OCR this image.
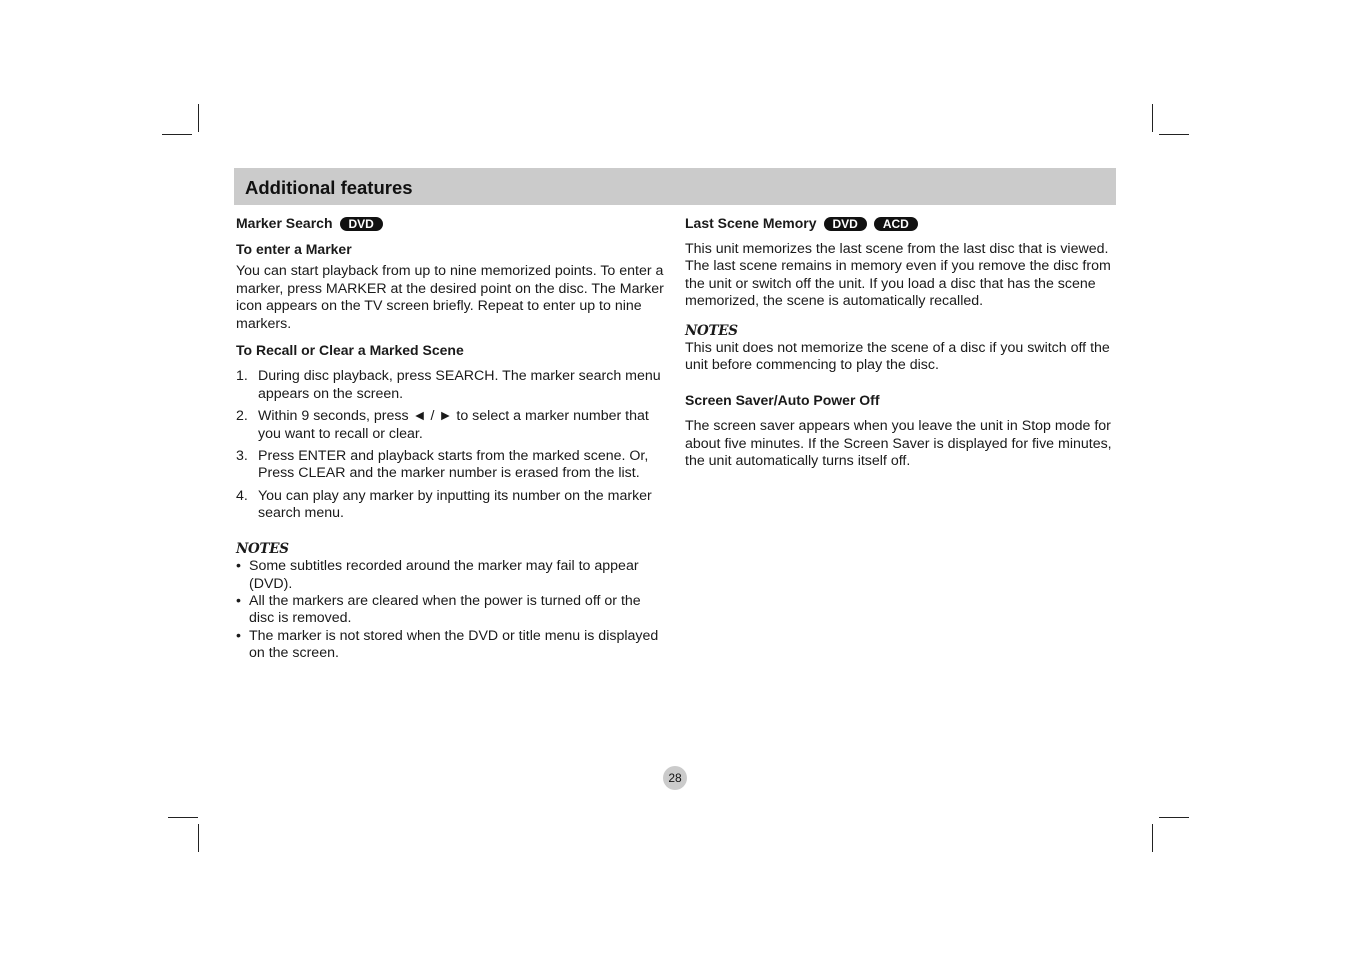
Additional features
Marker Search	DVD
To enter a Marker

You can start playback from up to nine memorized points. To enter a marker, press MARKER at the desired point on the disc. The Marker icon appears on the TV screen briefly. Repeat to enter up to nine markers.

To Recall or Clear a Marked Scene
1. During disc playback, press SEARCH. The marker search menu appears on the screen.
2. Within 9 seconds, press ◄ / ► to select a marker number that you want to recall or clear.
3. Press ENTER and playback starts from the marked scene. Or, Press CLEAR and the marker number is erased from the list.
4. You can play any marker by inputting its number on the marker search menu.
NOTES
• Some subtitles recorded around the marker may fail to appear (DVD).
• All the markers are cleared when the power is turned off or the disc is removed.
• The marker is not stored when the DVD or title menu is displayed on the screen.
Last Scene Memory	DVD	ACD

This unit memorizes the last scene from the last disc that is viewed. The last scene remains in memory even if you remove the disc from the unit or switch off the unit. If you load a disc that has the scene memorized, the scene is automatically recalled.

NOTES

This unit does not memorize the scene of a disc if you switch off the unit before commencing to play the disc.

Screen Saver/Auto Power Off

The screen saver appears when you leave the unit in Stop mode for about five minutes. If the Screen Saver is displayed for five minutes, the unit automatically turns itself off.

28
